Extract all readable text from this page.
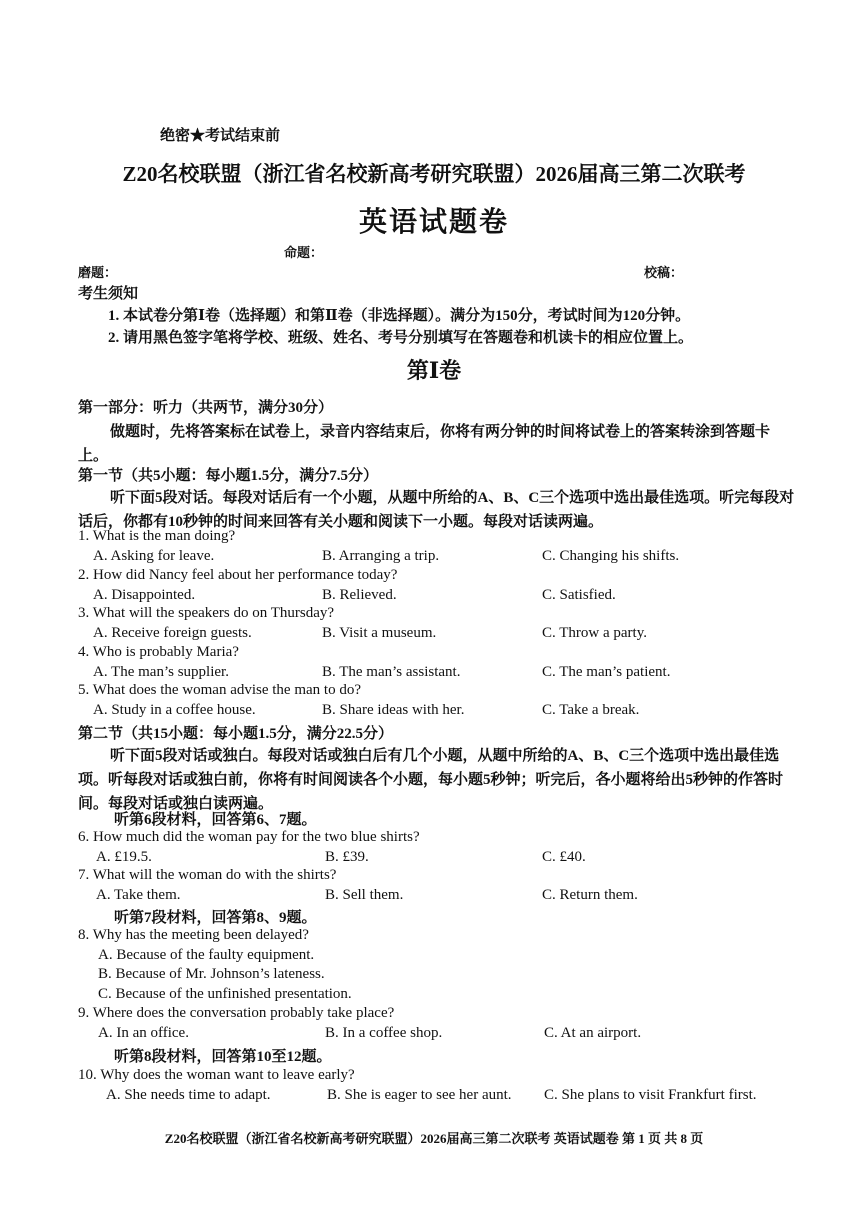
绝密★考试结束前
Z20名校联盟（浙江省名校新高考研究联盟）2026届高三第二次联考
英语试题卷
命题：
磨题：	校稿：
考生须知
1. 本试卷分第Ⅰ卷（选择题）和第Ⅱ卷（非选择题）。满分为150分，考试时间为120分钟。
2. 请用黑色签字笔将学校、班级、姓名、考号分别填写在答题卷和机读卡的相应位置上。
第Ⅰ卷
第一部分：听力（共两节，满分30分）
做题时，先将答案标在试卷上，录音内容结束后，你将有两分钟的时间将试卷上的答案转涂到答题卡上。
第一节（共5小题：每小题1.5分，满分7.5分）
听下面5段对话。每段对话后有一个小题，从题中所给的A、B、C三个选项中选出最佳选项。听完每段对话后，你都有10秒钟的时间来回答有关小题和阅读下一小题。每段对话读两遍。
1. What is the man doing?
A. Asking for leave.	B. Arranging a trip.	C. Changing his shifts.
2. How did Nancy feel about her performance today?
A. Disappointed.	B. Relieved.	C. Satisfied.
3. What will the speakers do on Thursday?
A. Receive foreign guests.	B. Visit a museum.	C. Throw a party.
4. Who is probably Maria?
A. The man’s supplier.	B. The man’s assistant.	C. The man’s patient.
5. What does the woman advise the man to do?
A. Study in a coffee house.	B. Share ideas with her.	C. Take a break.
第二节（共15小题：每小题1.5分，满分22.5分）
听下面5段对话或独白。每段对话或独白后有几个小题，从题中所给的A、B、C三个选项中选出最佳选项。听每段对话或独白前，你将有时间阅读各个小题，每小题5秒钟；听完后，各小题将给出5秒钟的作答时间。每段对话或独白读两遍。
听第6段材料，回答第6、7题。
6. How much did the woman pay for the two blue shirts?
A. £19.5.	B. £39.	C. £40.
7. What will the woman do with the shirts?
A. Take them.	B. Sell them.	C. Return them.
听第7段材料，回答第8、9题。
8. Why has the meeting been delayed?
A. Because of the faulty equipment.
B. Because of Mr. Johnson’s lateness.
C. Because of the unfinished presentation.
9. Where does the conversation probably take place?
A. In an office.	B. In a coffee shop.	C. At an airport.
听第8段材料，回答第10至12题。
10. Why does the woman want to leave early?
A. She needs time to adapt.	B. She is eager to see her aunt. C. She plans to visit Frankfurt first.
Z20名校联盟（浙江省名校新高考研究联盟）2026届高三第二次联考 英语试题卷 第 1 页 共 8 页
